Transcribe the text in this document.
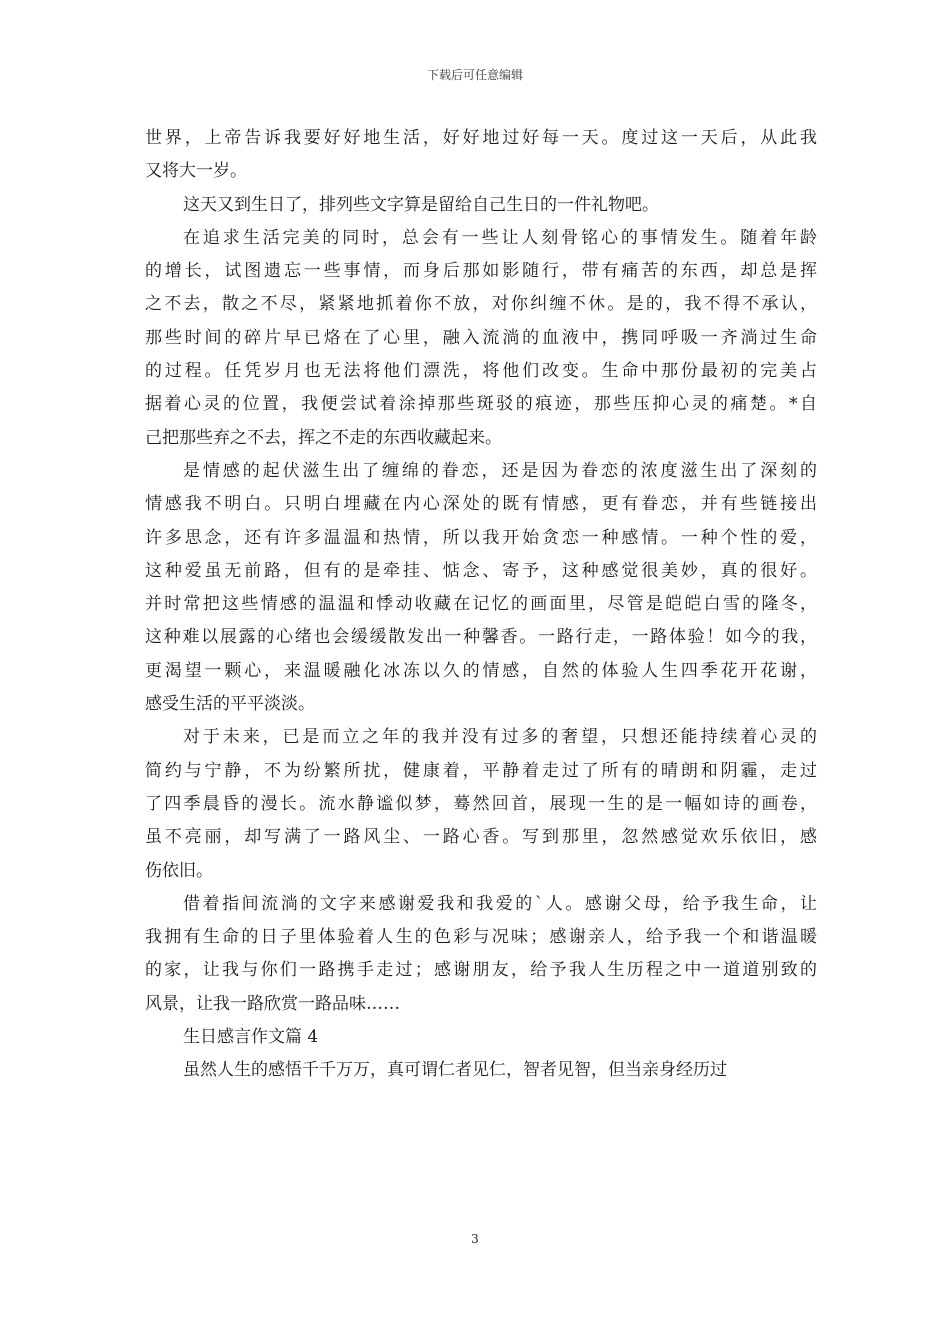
下载后可任意编辑
世界，上帝告诉我要好好地生活，好好地过好每一天。度过这一天后，从此我
又将大一岁。
这天又到生日了，排列些文字算是留给自己生日的一件礼物吧。
在追求生活完美的同时，总会有一些让人刻骨铭心的事情发生。随着年龄
的增长，试图遗忘一些事情，而身后那如影随行，带有痛苦的东西，却总是挥
之不去，散之不尽，紧紧地抓着你不放，对你纠缠不休。是的，我不得不承认，
那些时间的碎片早已烙在了心里，融入流淌的血液中，携同呼吸一齐淌过生命
的过程。任凭岁月也无法将他们漂洗，将他们改变。生命中那份最初的完美占
据着心灵的位置，我便尝试着涂掉那些斑驳的痕迹，那些压抑心灵的痛楚。*自
己把那些弃之不去，挥之不走的东西收藏起来。
是情感的起伏滋生出了缠绵的眷恋，还是因为眷恋的浓度滋生出了深刻的
情感我不明白。只明白埋藏在内心深处的既有情感，更有眷恋，并有些链接出
许多思念，还有许多温温和热情，所以我开始贪恋一种感情。一种个性的爱，
这种爱虽无前路，但有的是牵挂、惦念、寄予，这种感觉很美妙，真的很好。
并时常把这些情感的温温和悸动收藏在记忆的画面里，尽管是皑皑白雪的隆冬，
这种难以展露的心绪也会缓缓散发出一种馨香。一路行走，一路体验！如今的我，
更渴望一颗心，来温暖融化冰冻以久的情感，自然的体验人生四季花开花谢，
感受生活的平平淡淡。
对于未来，已是而立之年的我并没有过多的奢望，只想还能持续着心灵的
简约与宁静，不为纷繁所扰，健康着，平静着走过了所有的晴朗和阴霾，走过
了四季晨昏的漫长。流水静谧似梦，蓦然回首，展现一生的是一幅如诗的画卷，
虽不亮丽，却写满了一路风尘、一路心香。写到那里，忽然感觉欢乐依旧，感
伤依旧。
借着指间流淌的文字来感谢爱我和我爱的`人。感谢父母，给予我生命，让
我拥有生命的日子里体验着人生的色彩与况味；感谢亲人，给予我一个和谐温暖
的家，让我与你们一路携手走过；感谢朋友，给予我人生历程之中一道道别致的
风景，让我一路欣赏一路品味……
生日感言作文篇 4
虽然人生的感悟千千万万，真可谓仁者见仁，智者见智，但当亲身经历过
3
